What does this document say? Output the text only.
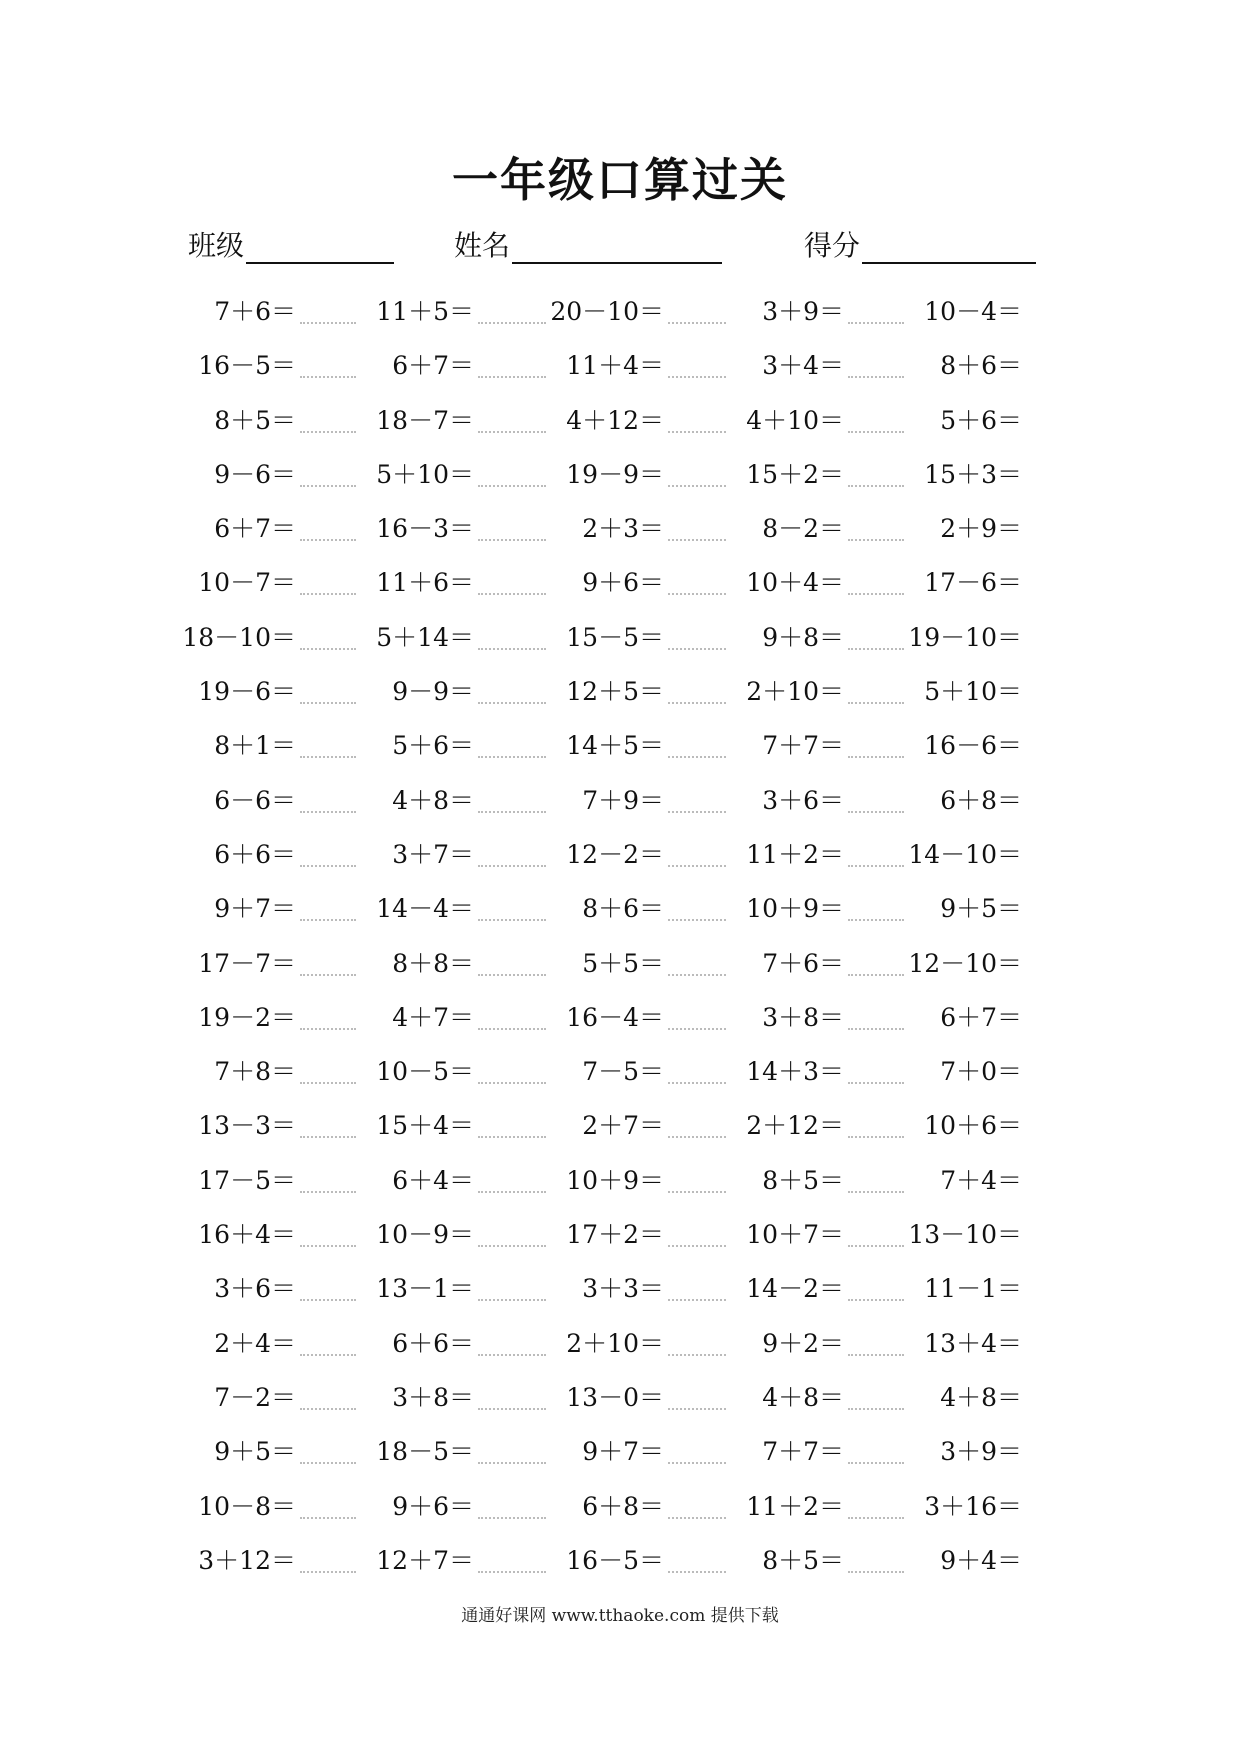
一年级口算过关
班级	姓名	得分
7＋6＝	11＋5＝	20－10＝	3＋9＝	10－4＝
16－5＝	6＋7＝	11＋4＝	3＋4＝	8＋6＝
8＋5＝	18－7＝	4＋12＝	4＋10＝	5＋6＝
9－6＝	5＋10＝	19－9＝	15＋2＝	15＋3＝
6＋7＝	16－3＝	2＋3＝	8－2＝	2＋9＝
10－7＝	11＋6＝	9＋6＝	10＋4＝	17－6＝
18－10＝	5＋14＝	15－5＝	9＋8＝	19－10＝
19－6＝	9－9＝	12＋5＝	2＋10＝	5＋10＝
8＋1＝	5＋6＝	14＋5＝	7＋7＝	16－6＝
6－6＝	4＋8＝	7＋9＝	3＋6＝	6＋8＝
6＋6＝	3＋7＝	12－2＝	11＋2＝	14－10＝
9＋7＝	14－4＝	8＋6＝	10＋9＝	9＋5＝
17－7＝	8＋8＝	5＋5＝	7＋6＝	12－10＝
19－2＝	4＋7＝	16－4＝	3＋8＝	6＋7＝
7＋8＝	10－5＝	7－5＝	14＋3＝	7＋0＝
13－3＝	15＋4＝	2＋7＝	2＋12＝	10＋6＝
17－5＝	6＋4＝	10＋9＝	8＋5＝	7＋4＝
16＋4＝	10－9＝	17＋2＝	10＋7＝	13－10＝
3＋6＝	13－1＝	3＋3＝	14－2＝	11－1＝
2＋4＝	6＋6＝	2＋10＝	9＋2＝	13＋4＝
7－2＝	3＋8＝	13－0＝	4＋8＝	4＋8＝
9＋5＝	18－5＝	9＋7＝	7＋7＝	3＋9＝
10－8＝	9＋6＝	6＋8＝	11＋2＝	3＋16＝
3＋12＝	12＋7＝	16－5＝	8＋5＝	9＋4＝
通通好课网 www.tthaoke.com 提供下载
